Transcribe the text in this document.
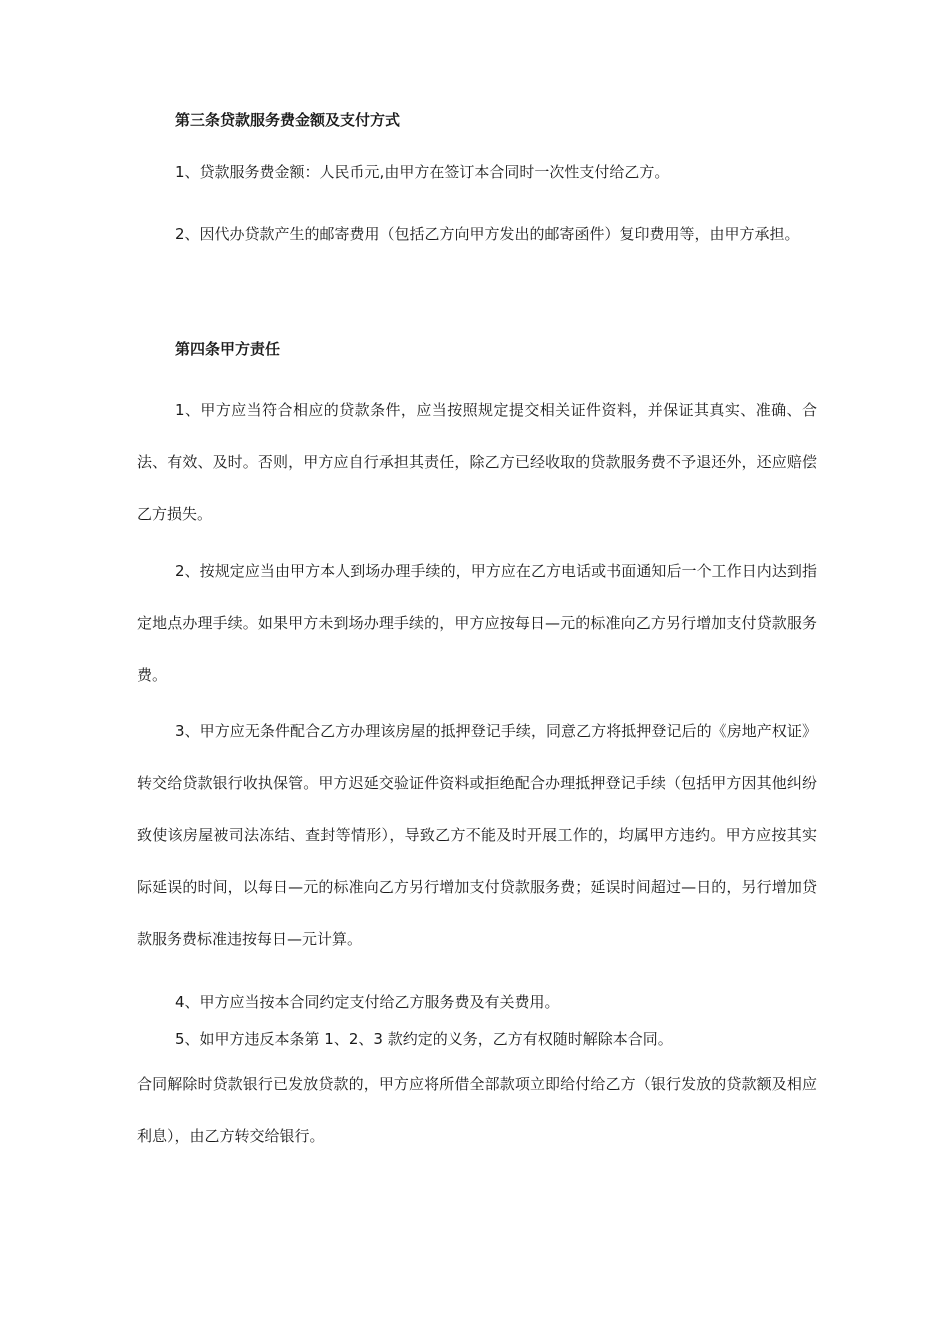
第三条贷款服务费金额及支付方式

1、贷款服务费金额：人民币元,由甲方在签订本合同时一次性支付给乙方。

2、因代办贷款产生的邮寄费用（包括乙方向甲方发出的邮寄函件）复印费用等，由甲方承担。

第四条甲方责任

1、甲方应当符合相应的贷款条件，应当按照规定提交相关证件资料，并保证其真实、准确、合法、有效、及时。否则，甲方应自行承担其责任，除乙方已经收取的贷款服务费不予退还外，还应赔偿乙方损失。

2、按规定应当由甲方本人到场办理手续的，甲方应在乙方电话或书面通知后一个工作日内达到指定地点办理手续。如果甲方未到场办理手续的，甲方应按每日—元的标准向乙方另行增加支付贷款服务费。

3、甲方应无条件配合乙方办理该房屋的抵押登记手续，同意乙方将抵押登记后的《房地产权证》转交给贷款银行收执保管。甲方迟延交验证件资料或拒绝配合办理抵押登记手续（包括甲方因其他纠纷致使该房屋被司法冻结、查封等情形），导致乙方不能及时开展工作的，均属甲方违约。甲方应按其实际延误的时间，以每日—元的标准向乙方另行增加支付贷款服务费；延误时间超过—日的，另行增加贷款服务费标准违按每日—元计算。

4、甲方应当按本合同约定支付给乙方服务费及有关费用。

5、如甲方违反本条第 1、2、3 款约定的义务，乙方有权随时解除本合同。

合同解除时贷款银行已发放贷款的，甲方应将所借全部款项立即给付给乙方（银行发放的贷款额及相应利息），由乙方转交给银行。
